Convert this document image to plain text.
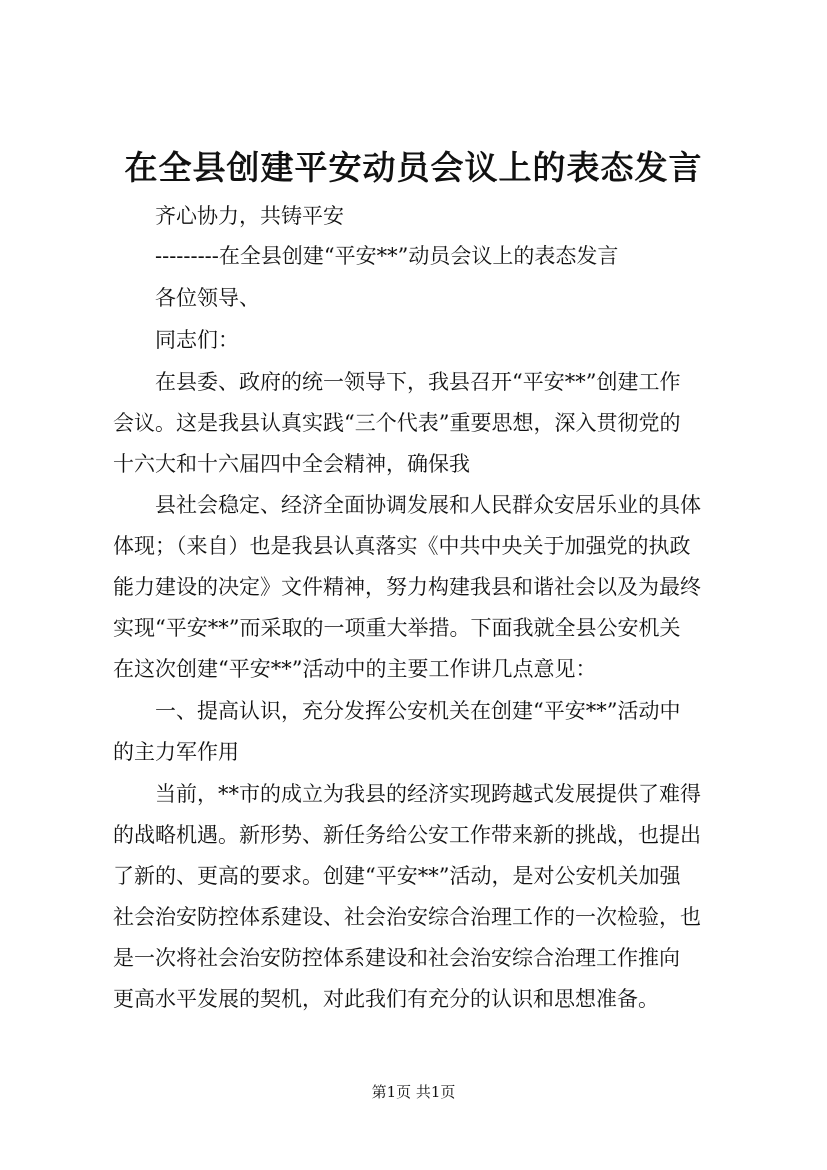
在全县创建平安动员会议上的表态发言
齐心协力，共铸平安
---------在全县创建“平安**”动员会议上的表态发言
各位领导、
同志们：
在县委、政府的统一领导下，我县召开“平安**”创建工作
会议。这是我县认真实践“三个代表”重要思想，深入贯彻党的
十六大和十六届四中全会精神，确保我
县社会稳定、经济全面协调发展和人民群众安居乐业的具体
体现；（来自）也是我县认真落实《中共中央关于加强党的执政
能力建设的决定》文件精神，努力构建我县和谐社会以及为最终
实现“平安**”而采取的一项重大举措。下面我就全县公安机关
在这次创建“平安**”活动中的主要工作讲几点意见：
一、提高认识，充分发挥公安机关在创建“平安**”活动中
的主力军作用
当前，**市的成立为我县的经济实现跨越式发展提供了难得
的战略机遇。新形势、新任务给公安工作带来新的挑战，也提出
了新的、更高的要求。创建“平安**”活动，是对公安机关加强
社会治安防控体系建设、社会治安综合治理工作的一次检验，也
是一次将社会治安防控体系建设和社会治安综合治理工作推向
更高水平发展的契机，对此我们有充分的认识和思想准备。
第1页 共1页
